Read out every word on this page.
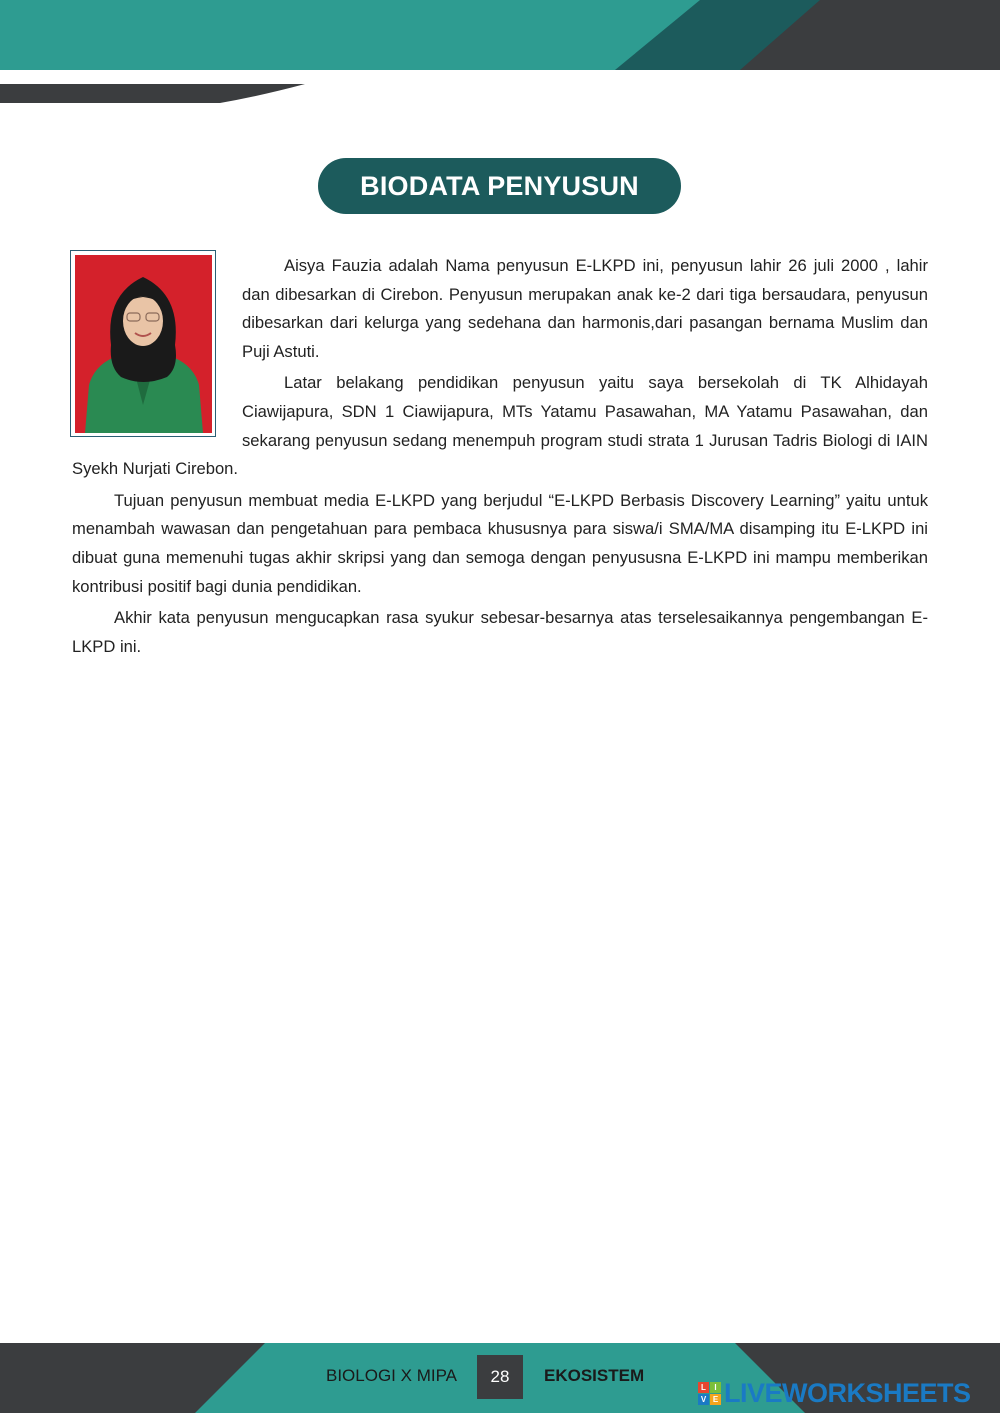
BIODATA PENYUSUN

Aisya Fauzia adalah Nama penyusun E-LKPD ini, penyusun lahir 26 juli 2000 , lahir dan dibesarkan di Cirebon. Penyusun merupakan anak ke-2 dari tiga bersaudara, penyusun dibesarkan dari kelurga yang sedehana dan harmonis,dari pasangan bernama Muslim dan Puji Astuti.

Latar belakang pendidikan penyusun yaitu saya bersekolah di TK Alhidayah Ciawijapura, SDN 1 Ciawijapura, MTs Yatamu Pasawahan, MA Yatamu Pasawahan, dan sekarang penyusun sedang menempuh program studi strata 1 Jurusan Tadris Biologi di IAIN Syekh Nurjati Cirebon.

Tujuan penyusun membuat media E-LKPD yang berjudul “E-LKPD Berbasis Discovery Learning” yaitu untuk menambah wawasan dan pengetahuan para pembaca khususnya para siswa/i SMA/MA disamping itu E-LKPD ini dibuat guna memenuhi tugas akhir skripsi yang dan semoga dengan penyususna E-LKPD ini mampu memberikan kontribusi positif bagi dunia pendidikan.

Akhir kata penyusun mengucapkan rasa syukur sebesar-besarnya atas terselesaikannya pengembangan E-LKPD ini.

BIOLOGI X MIPA	28	EKOSISTEM
L	I
V E LIVEWORKSHEETS
